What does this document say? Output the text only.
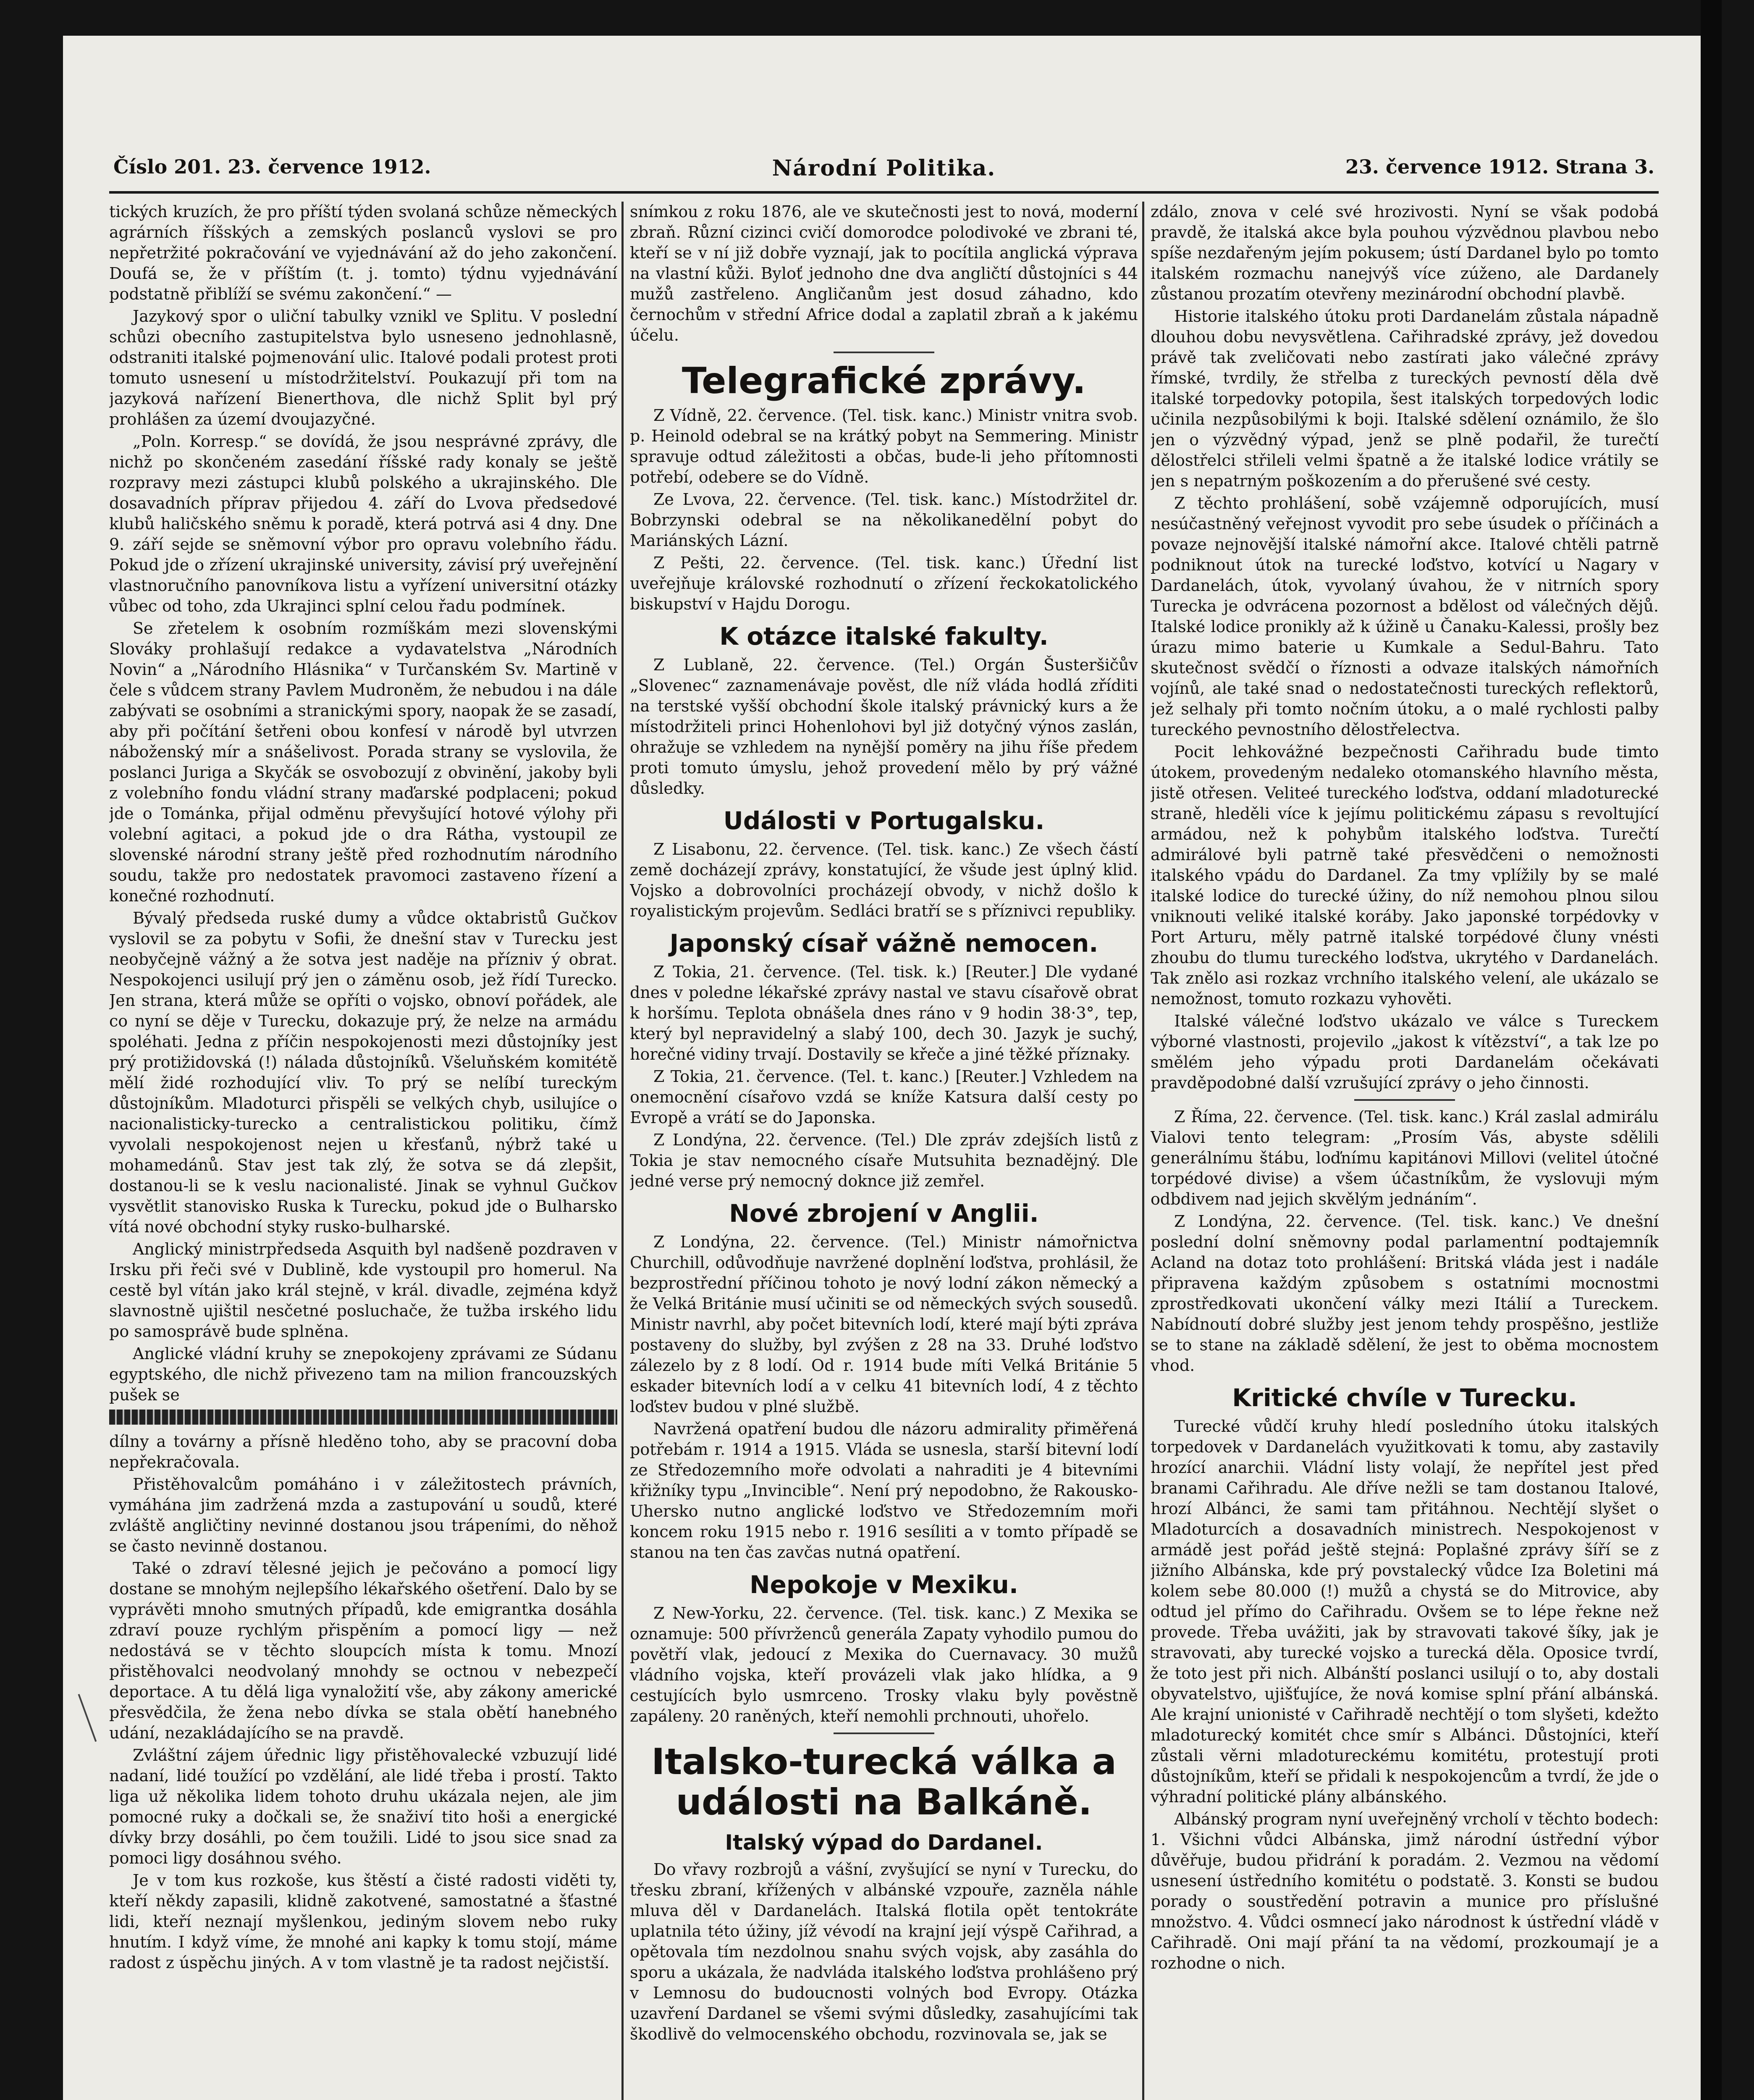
Číslo 201. 23. července 1912.	Národní Politika.	23. července 1912. Strana 3.

tických kruzích, že pro příští týden svolaná schůze německých agrárních říšských a zemských poslanců vyslovi se pro nepřetržité pokračování ve vyjednávání až do jeho zakončení. Doufá se, že v příštím (t. j. tomto) týdnu vyjednávání podstatně přiblíží se svému zakončení.“ —

Jazykový spor o uliční tabulky vznikl ve Splitu. V poslední schůzi obecního zastupitelstva bylo usneseno jednohlasně, odstraniti italské pojmenování ulic. Italové podali protest proti tomuto usnesení u místodržitelství. Poukazují při tom na jazyková nařízení Bienerthova, dle nichž Split byl prý prohlášen za území dvoujazyčné.

„Poln. Korresp.“ se dovídá, že jsou nesprávné zprávy, dle nichž po skončeném zasedání říšské rady konaly se ještě rozpravy mezi zástupci klubů polského a ukrajinského. Dle dosavadních příprav přijedou 4. září do Lvova předsedové klubů haličského sněmu k poradě, která potrvá asi 4 dny. Dne 9. září sejde se sněmovní výbor pro opravu volebního řádu. Pokud jde o zřízení ukrajinské university, závisí prý uveřejnění vlastnoručního panovníkova listu a vyřízení universitní otázky vůbec od toho, zda Ukrajinci splní celou řadu podmínek.

Se zřetelem k osobním rozmíškám mezi slovenskými Slováky prohlašují redakce a vydavatelstva „Národních Novin“ a „Národního Hlásnika“ v Turčanském Sv. Martině v čele s vůdcem strany Pavlem Mudroněm, že nebudou i na dále zabývati se osobními a stranickými spory, naopak že se zasadí, aby při počítání šetřeni obou konfesí v národě byl utvrzen náboženský mír a snášelivost. Porada strany se vyslovila, že poslanci Juriga a Skyčák se osvobozují z obvinění, jakoby byli z volebního fondu vládní strany maďarské podplaceni; pokud jde o Tománka, přijal odměnu převyšující hotové výlohy při volební agitaci, a pokud jde o dra Rátha, vystoupil ze slovenské národní strany ještě před rozhodnutím národního soudu, takže pro nedostatek pravomoci zastaveno řízení a konečné rozhodnutí.

Bývalý předseda ruské dumy a vůdce oktabristů Gučkov vyslovil se za pobytu v Sofii, že dnešní stav v Turecku jest neobyčejně vážný a že sotva jest naděje na přízniv ý obrat. Nespokojenci usilují prý jen o záměnu osob, jež řídí Turecko. Jen strana, která může se opříti o vojsko, obnoví pořádek, ale co nyní se děje v Turecku, dokazuje prý, že nelze na armádu spoléhati. Jedna z příčin nespokojenosti mezi důstojníky jest prý protižidovská (!) nálada důstojníků. Všeluňském komitétě mělí židé rozhodující vliv. To prý se nelíbí tureckým důstojníkům. Mladoturci přispěli se velkých chyb, usilujíce o nacionalisticky-turecko a centralistickou politiku, čímž vyvolali nespokojenost nejen u křesťanů, nýbrž také u mohamedánů. Stav jest tak zlý, že sotva se dá zlepšit, dostanou-li se k veslu nacionalisté. Jinak se vyhnul Gučkov vysvětlit stanovisko Ruska k Turecku, pokud jde o Bulharsko vítá nové obchodní styky rusko-bulharské.

Anglický ministrpředseda Asquith byl nadšeně pozdraven v Irsku při řeči své v Dublině, kde vystoupil pro homerul. Na cestě byl vítán jako král stejně, v král. divadle, zejména když slavnostně ujištil nesčetné posluchače, že tužba irského lidu po samosprávě bude splněna.

Anglické vládní kruhy se znepokojeny zprávami ze Súdanu egyptského, dle nichž přivezeno tam na milion francouzských pušek se

dílny a továrny a přísně hleděno toho, aby se pracovní doba nepřekračovala.

Přistěhovalcům pomáháno i v záležitostech právních, vymáhána jim zadržená mzda a zastupování u soudů, které zvláště angličtiny nevinné dostanou jsou trápeními, do něhož se často nevinně dostanou.

Také o zdraví tělesné jejich je pečováno a pomocí ligy dostane se mnohým nejlepšího lékařského ošetření. Dalo by se vyprávěti mnoho smutných případů, kde emigrantka dosáhla zdraví pouze rychlým přispěním a pomocí ligy — než nedostává se v těchto sloupcích místa k tomu. Mnozí přistěhovalci neodvolaný mnohdy se octnou v nebezpečí deportace. A tu dělá liga vynaložití vše, aby zákony americké přesvědčila, že žena nebo dívka se stala obětí hanebného udání, nezakládajícího se na pravdě.

Zvláštní zájem úřednic ligy přistěhovalecké vzbuzují lidé nadaní, lidé toužící po vzdělání, ale lidé třeba i prostí. Takto liga už několika lidem tohoto druhu ukázala nejen, ale jim pomocné ruky a dočkali se, že snaživí tito hoši a energické dívky brzy dosáhli, po čem toužili. Lidé to jsou sice snad za pomoci ligy dosáhnou svého.

Je v tom kus rozkoše, kus štěstí a čisté radosti viděti ty, kteří někdy zapasili, klidně zakotvené, samostatné a šťastné lidi, kteří neznají myšlenkou, jediným slovem nebo ruky hnutím. I když víme, že mnohé ani kapky k tomu stojí, máme radost z úspěchu jiných. A v tom vlastně je ta radost nejčistší.

snímkou z roku 1876, ale ve skutečnosti jest to nová, moderní zbraň. Různí cizinci cvičí domorodce polodivoké ve zbrani té, kteří se v ní již dobře vyznají, jak to pocítila anglická výprava na vlastní kůži. Byloť jednoho dne dva angličtí důstojníci s 44 mužů zastřeleno. Angličanům jest dosud záhadno, kdo černochům v střední Africe dodal a zaplatil zbraň a k jakému účelu.

Telegrafické zprávy.

Z Vídně, 22. července. (Tel. tisk. kanc.) Ministr vnitra svob. p. Heinold odebral se na krátký pobyt na Semmering. Ministr spravuje odtud záležitosti a občas, bude-li jeho přítomnosti potřebí, odebere se do Vídně.

Ze Lvova, 22. července. (Tel. tisk. kanc.) Místodržitel dr. Bobrzynski odebral se na několikanedělní pobyt do Mariánských Lázní.

Z Pešti, 22. července. (Tel. tisk. kanc.) Úřední list uveřejňuje královské rozhodnutí o zřízení řeckokatolického biskupství v Hajdu Dorogu.

K otázce italské fakulty.

Z Lublaně, 22. července. (Tel.) Orgán Šusteršičův „Slovenec“ zaznamenávaje pověst, dle níž vláda hodlá zříditi na terstské vyšší obchodní škole italský právnický kurs a že místodržiteli princi Hohenlohovi byl již dotyčný výnos zaslán, ohražuje se vzhledem na nynější poměry na jihu říše předem proti tomuto úmyslu, jehož provedení mělo by prý vážné důsledky.

Události v Portugalsku.

Z Lisabonu, 22. července. (Tel. tisk. kanc.) Ze všech částí země docházejí zprávy, konstatující, že všude jest úplný klid. Vojsko a dobrovolníci procházejí obvody, v nichž došlo k royalistickým projevům. Sedláci bratří se s příznivci republiky.

Japonský císař vážně nemocen.

Z Tokia, 21. července. (Tel. tisk. k.) [Reuter.] Dle vydané dnes v poledne lékařské zprávy nastal ve stavu císařově obrat k horšímu. Teplota obnášela dnes ráno v 9 hodin 38·3°, tep, který byl nepravidelný a slabý 100, dech 30. Jazyk je suchý, horečné vidiny trvají. Dostavily se křeče a jiné těžké příznaky.

Z Tokia, 21. července. (Tel. t. kanc.) [Reuter.] Vzhledem na onemocnění císařovo vzdá se kníže Katsura další cesty po Evropě a vrátí se do Japonska.

Z Londýna, 22. července. (Tel.) Dle zpráv zdejších listů z Tokia je stav nemocného císaře Mutsuhita beznadějný. Dle jedné verse prý nemocný doknce již zemřel.

Nové zbrojení v Anglii.

Z Londýna, 22. července. (Tel.) Ministr námořnictva Churchill, odůvodňuje navržené doplnění loďstva, prohlásil, že bezprostřední příčinou tohoto je nový lodní zákon německý a že Velká Británie musí učiniti se od německých svých sousedů. Ministr navrhl, aby počet bitevních lodí, které mají býti zpráva postaveny do služby, byl zvýšen z 28 na 33. Druhé loďstvo zálezelo by z 8 lodí. Od r. 1914 bude míti Velká Británie 5 eskader bitevních lodí a v celku 41 bitevních lodí, 4 z těchto loďstev budou v plné službě.

Navržená opatření budou dle názoru admirality přiměřená potřebám r. 1914 a 1915. Vláda se usnesla, starší bitevní lodí ze Středozemního moře odvolati a nahraditi je 4 bitevními křižníky typu „Invincible“. Není prý nepodobno, že Rakousko-Uhersko nutno anglické loďstvo ve Středozemním moři koncem roku 1915 nebo r. 1916 sesíliti a v tomto případě se stanou na ten čas zavčas nutná opatření.

Nepokoje v Mexiku.

Z New-Yorku, 22. července. (Tel. tisk. kanc.) Z Mexika se oznamuje: 500 přívrženců generála Zapaty vyhodilo pumou do povětří vlak, jedoucí z Mexika do Cuernavacy. 30 mužů vládního vojska, kteří provázeli vlak jako hlídka, a 9 cestujících bylo usmrceno. Trosky vlaku byly pověstně zapáleny. 20 raněných, kteří nemohli prchnouti, uhořelo.

Italsko-turecká válka a události na Balkáně.
Italský výpad do Dardanel.

Do vřavy rozbrojů a vášní, zvyšující se nyní v Turecku, do třesku zbraní, křížených v albánské vzpouře, zazněla náhle mluva děl v Dardanelách. Italská flotila opět tentokráte uplatnila této úžiny, jíž vévodí na krajní její výspě Cařihrad, a opětovala tím nezdolnou snahu svých vojsk, aby zasáhla do sporu a ukázala, že nadvláda italského loďstva prohlášeno prý v Lemnosu do budoucnosti volných bod Evropy. Otázka uzavření Dardanel se všemi svými důsledky, zasahujícími tak škodlivě do velmocenského obchodu, rozvinovala se, jak se

zdálo, znova v celé své hrozivosti. Nyní se však podobá pravdě, že italská akce byla pouhou výzvědnou plavbou nebo spíše nezdařeným jejím pokusem; ústí Dardanel bylo po tomto italském rozmachu nanejvýš více zúženo, ale Dardanely zůstanou prozatím otevřeny mezinárodní obchodní plavbě.

Historie italského útoku proti Dardanelám zůstala nápadně dlouhou dobu nevysvětlena. Cařihradské zprávy, jež dovedou právě tak zveličovati nebo zastírati jako válečné zprávy římské, tvrdily, že střelba z tureckých pevností děla dvě italské torpedovky potopila, šest italských torpedových lodic učinila nezpůsobilými k boji. Italské sdělení oznámilo, že šlo jen o výzvědný výpad, jenž se plně podařil, že turečtí dělostřelci střileli velmi špatně a že italské lodice vrátily se jen s nepatrným poškozením a do přerušené své cesty.

Z těchto prohlášení, sobě vzájemně odporujících, musí nesúčastněný veřejnost vyvodit pro sebe úsudek o příčinách a povaze nejnovější italské námořní akce. Italové chtěli patrně podniknout útok na turecké loďstvo, kotvící u Nagary v Dardanelách, útok, vyvolaný úvahou, že v nitrních spory Turecka je odvrácena pozornost a bdělost od válečných dějů. Italské lodice pronikly až k úžině u Čanaku-Kalessi, prošly bez úrazu mimo baterie u Kumkale a Sedul-Bahru. Tato skutečnost svědčí o říznosti a odvaze italských námořních vojínů, ale také snad o nedostatečnosti tureckých reflektorů, jež selhaly při tomto nočním útoku, a o malé rychlosti palby tureckého pevnostního dělostřelectva.

Pocit lehkovážné bezpečnosti Cařihradu bude timto útokem, provedeným nedaleko otomanského hlavního města, jistě otřesen. Veliteé tureckého loďstva, oddaní mladoturecké straně, hleděli více k jejímu politickému zápasu s revoltující armádou, než k pohybům italského loďstva. Turečtí admirálové byli patrně také přesvědčeni o nemožnosti italského vpádu do Dardanel. Za tmy vplížily by se malé italské lodice do turecké úžiny, do níž nemohou plnou silou vniknouti veliké italské koráby. Jako japonské torpédovky v Port Arturu, měly patrně italské torpédové čluny vnésti zhoubu do tlumu tureckého loďstva, ukrytého v Dardanelách. Tak znělo asi rozkaz vrchního italského velení, ale ukázalo se nemožnost, tomuto rozkazu vyhověti.

Italské válečné loďstvo ukázalo ve válce s Tureckem výborné vlastnosti, projevilo „jakost k vítězství“, a tak lze po smělém jeho výpadu proti Dardanelám očekávati pravděpodobné další vzrušující zprávy o jeho činnosti.

Z Říma, 22. července. (Tel. tisk. kanc.) Král zaslal admirálu Vialovi tento telegram: „Prosím Vás, abyste sdělili generálnímu štábu, loďnímu kapitánovi Millovi (velitel útočné torpédové divise) a všem účastníkům, že vyslovuji mým odbdivem nad jejich skvělým jednáním“.

Z Londýna, 22. července. (Tel. tisk. kanc.) Ve dnešní poslední dolní sněmovny podal parlamentní podtajemník Acland na dotaz toto prohlášení: Britská vláda jest i nadále připravena každým způsobem s ostatními mocnostmi zprostředkovati ukončení války mezi Itálií a Tureckem. Nabídnoutí dobré služby jest jenom tehdy prospěšno, jestliže se to stane na základě sdělení, že jest to oběma mocnostem vhod.

Kritické chvíle v Turecku.

Turecké vůdčí kruhy hledí posledního útoku italských torpedovek v Dardanelách využitkovati k tomu, aby zastavily hrozící anarchii. Vládní listy volají, že nepřítel jest před branami Cařihradu. Ale dříve nežli se tam dostanou Italové, hrozí Albánci, že sami tam přitáhnou. Nechtějí slyšet o Mladoturcích a dosavadních ministrech. Nespokojenost v armádě jest pořád ještě stejná: Poplašné zprávy šíří se z jižního Albánska, kde prý povstalecký vůdce Iza Boletini má kolem sebe 80.000 (!) mužů a chystá se do Mitrovice, aby odtud jel přímo do Cařihradu. Ovšem se to lépe řekne než provede. Třeba uvážiti, jak by stravovati takové šíky, jak je stravovati, aby turecké vojsko a turecká děla. Oposice tvrdí, že toto jest při nich. Albánští poslanci usilují o to, aby dostali obyvatelstvo, ujišťujíce, že nová komise splní přání albánská. Ale krajní unionisté v Cařihradě nechtějí o tom slyšeti, kdežto mladoturecký komitét chce smír s Albánci. Důstojníci, kteří zůstali věrni mladotureckému komitétu, protestují proti důstojníkům, kteří se přidali k nespokojencům a tvrdí, že jde o výhradní politické plány albánského.

Albánský program nyní uveřejněný vrcholí v těchto bodech: 1. Všichni vůdci Albánska, jimž národní ústřední výbor důvěřuje, budou přidrání k poradám. 2. Vezmou na vědomí usnesení ústředního komitétu o podstatě. 3. Konsti se budou porady o soustředění potravin a munice pro příslušné množstvo. 4. Vůdci osmnecí jako národnost k ústřední vládě v Cařihradě. Oni mají přání ta na vědomí, prozkoumají je a rozhodne o nich.
